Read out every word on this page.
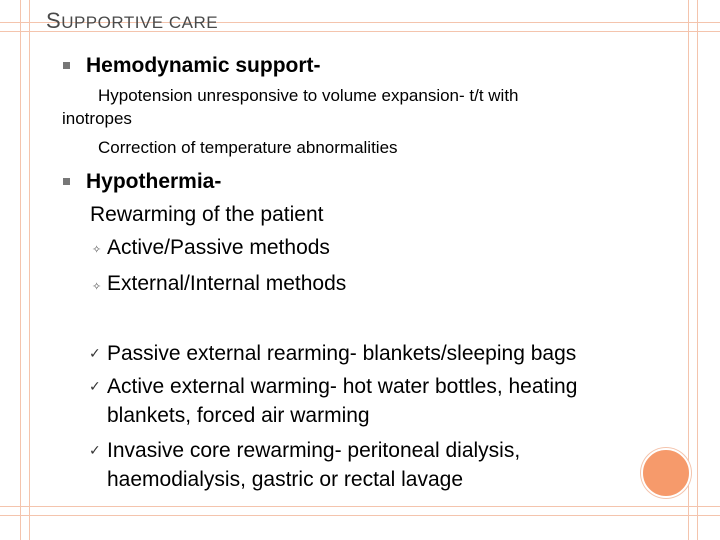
SUPPORTIVE CARE
Hemodynamic support-
Hypotension unresponsive to volume expansion- t/t with
inotropes
Correction of temperature abnormalities
Hypothermia-
Rewarming of the patient
✧ Active/Passive methods
✧ External/Internal methods
✓ Passive external rearming- blankets/sleeping bags
✓ Active external warming- hot water bottles, heating
blankets, forced air warming
✓ Invasive core rewarming- peritoneal dialysis,
haemodialysis, gastric or rectal lavage
